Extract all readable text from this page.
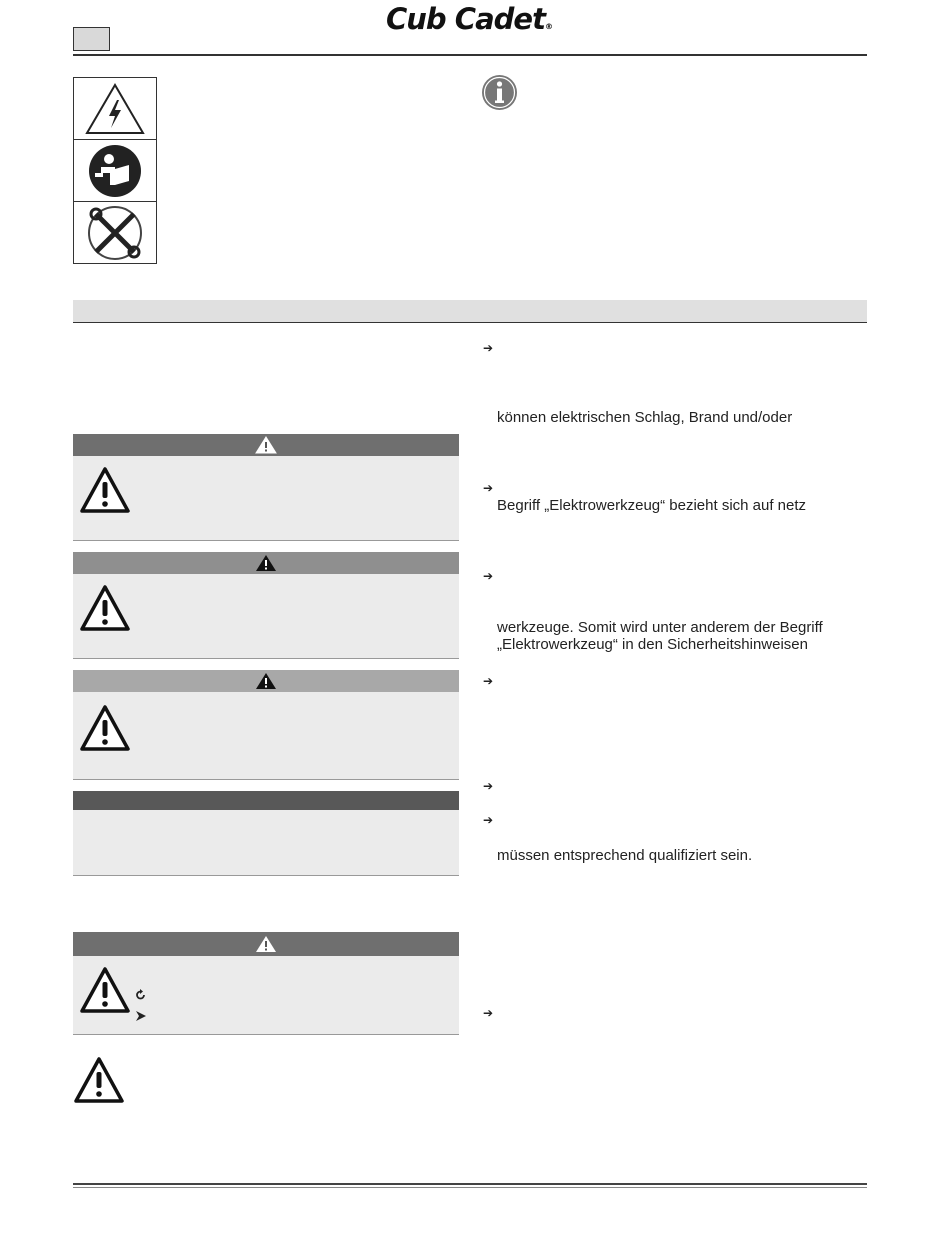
Cub Cadet®
➔
können elektrischen Schlag, Brand und/oder
➔
Begriff „Elektrowerkzeug“ bezieht sich auf netz
➔
werkzeuge. Somit wird unter anderem der Begriff
„Elektrowerkzeug“ in den Sicherheitshinweisen
➔
➔
➔
müssen entsprechend qualifiziert sein.
➔
